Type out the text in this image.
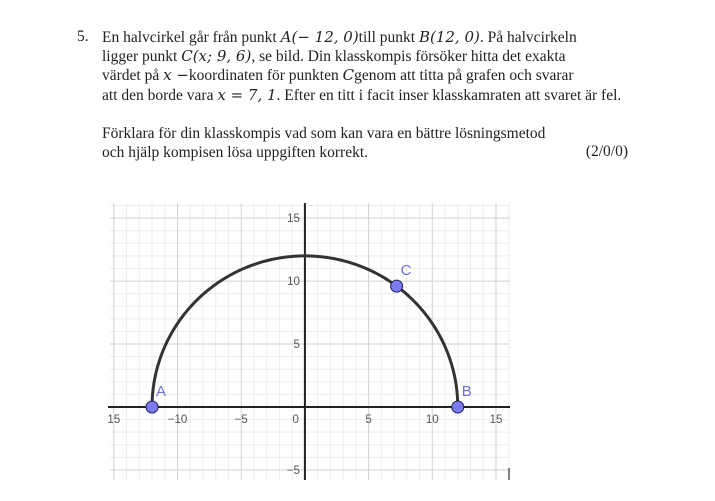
5. En halvcirkel går från punkt A(− 12, 0)till punkt B(12, 0). På halvcirkeln
ligger punkt C(x; 9, 6), se bild. Din klasskompis försöker hitta det exakta
värdet på x −koordinaten för punkten Cgenom att titta på grafen och svarar
att den borde vara x = 7, 1. Efter en titt i facit inser klasskamraten att svaret är fel.
Förklara för din klasskompis vad som kan vara en bättre lösningsmetod
och hjälp kompisen lösa uppgiften korrekt.	(2/0/0)
15	−10	−5	5	10	15
0
15
10
5
−5
A	B
C
